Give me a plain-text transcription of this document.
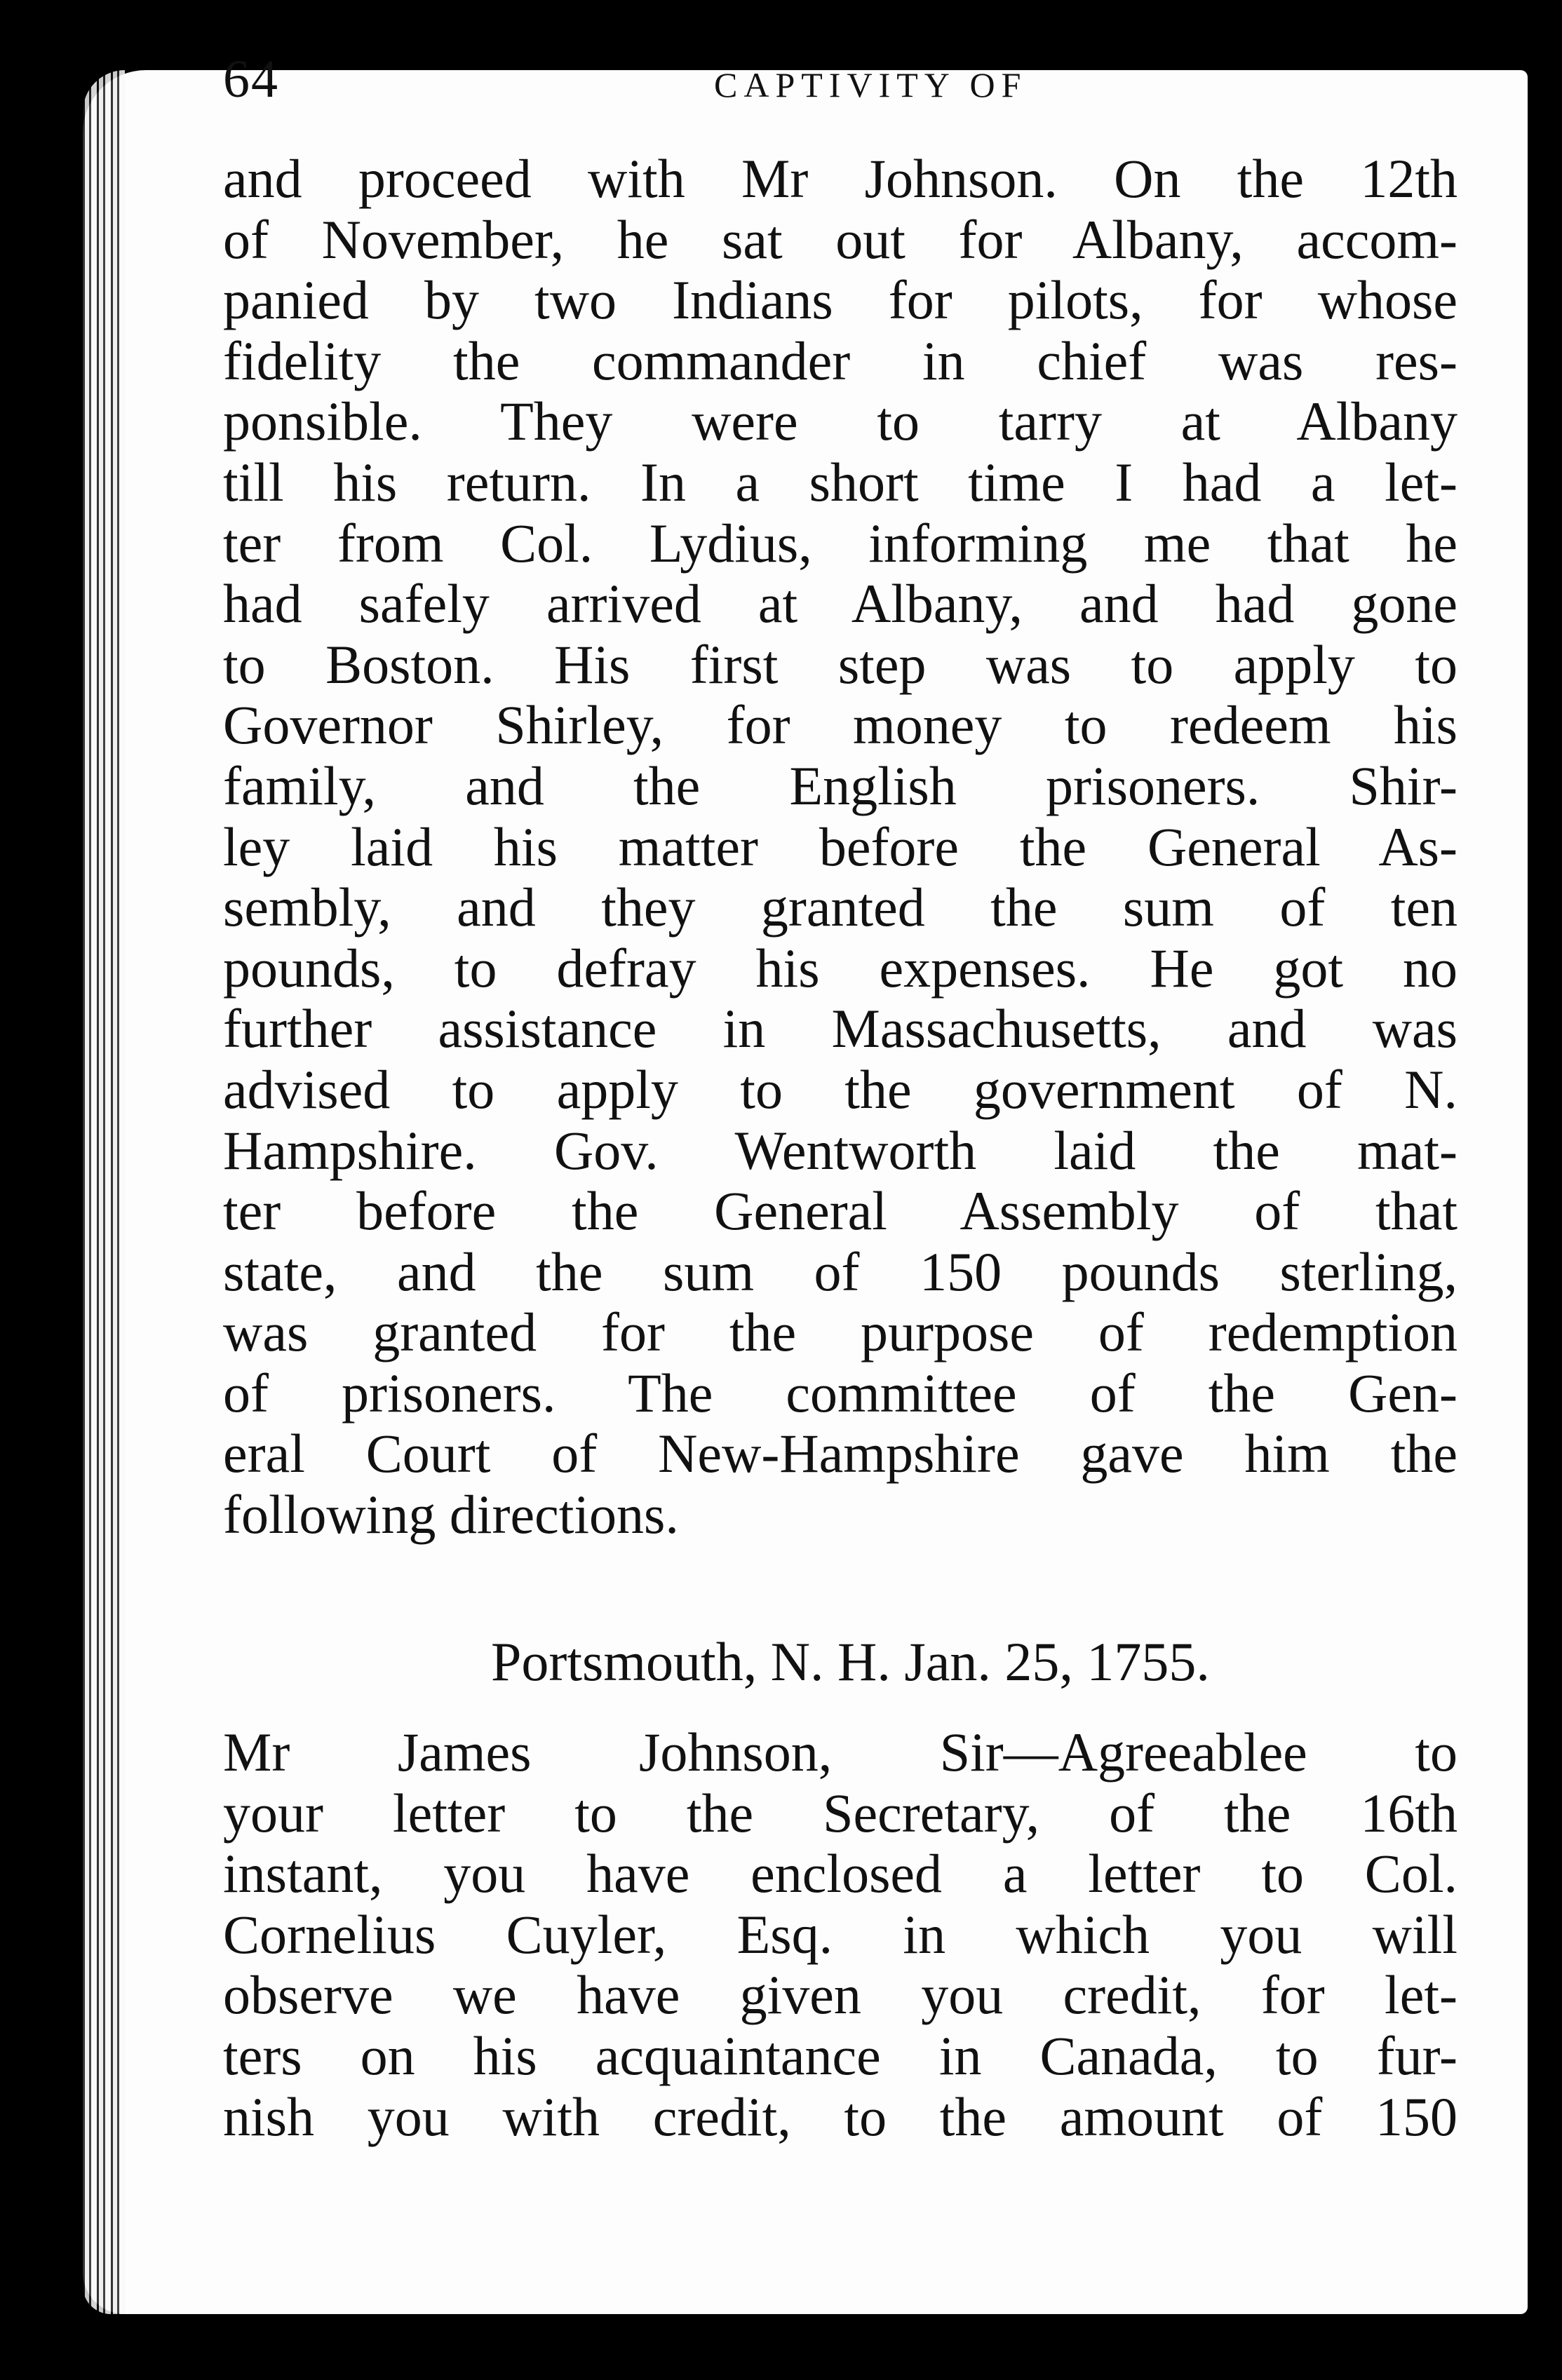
64	CAPTIVITY OF
and proceed with Mr Johnson. On the 12th
of November, he sat out for Albany, accom-
panied by two Indians for pilots, for whose
fidelity the commander in chief was res-
ponsible. They were to tarry at Albany
till his return. In a short time I had a let-
ter from Col. Lydius, informing me that he
had safely arrived at Albany, and had gone
to Boston. His first step was to apply to
Governor Shirley, for money to redeem his
family, and the English prisoners. Shir-
ley laid his matter before the General As-
sembly, and they granted the sum of ten
pounds, to defray his expenses. He got no
further assistance in Massachusetts, and was
advised to apply to the government of N.
Hampshire. Gov. Wentworth laid the mat-
ter before the General Assembly of that
state, and the sum of 150 pounds sterling,
was granted for the purpose of redemption
of prisoners. The committee of the Gen-
eral Court of New-Hampshire gave him the
following directions.
Portsmouth, N. H. Jan. 25, 1755.
Mr James Johnson, Sir—Agreeablee to
your letter to the Secretary, of the 16th
instant, you have enclosed a letter to Col.
Cornelius Cuyler, Esq. in which you will
observe we have given you credit, for let-
ters on his acquaintance in Canada, to fur-
nish you with credit, to the amount of 150
